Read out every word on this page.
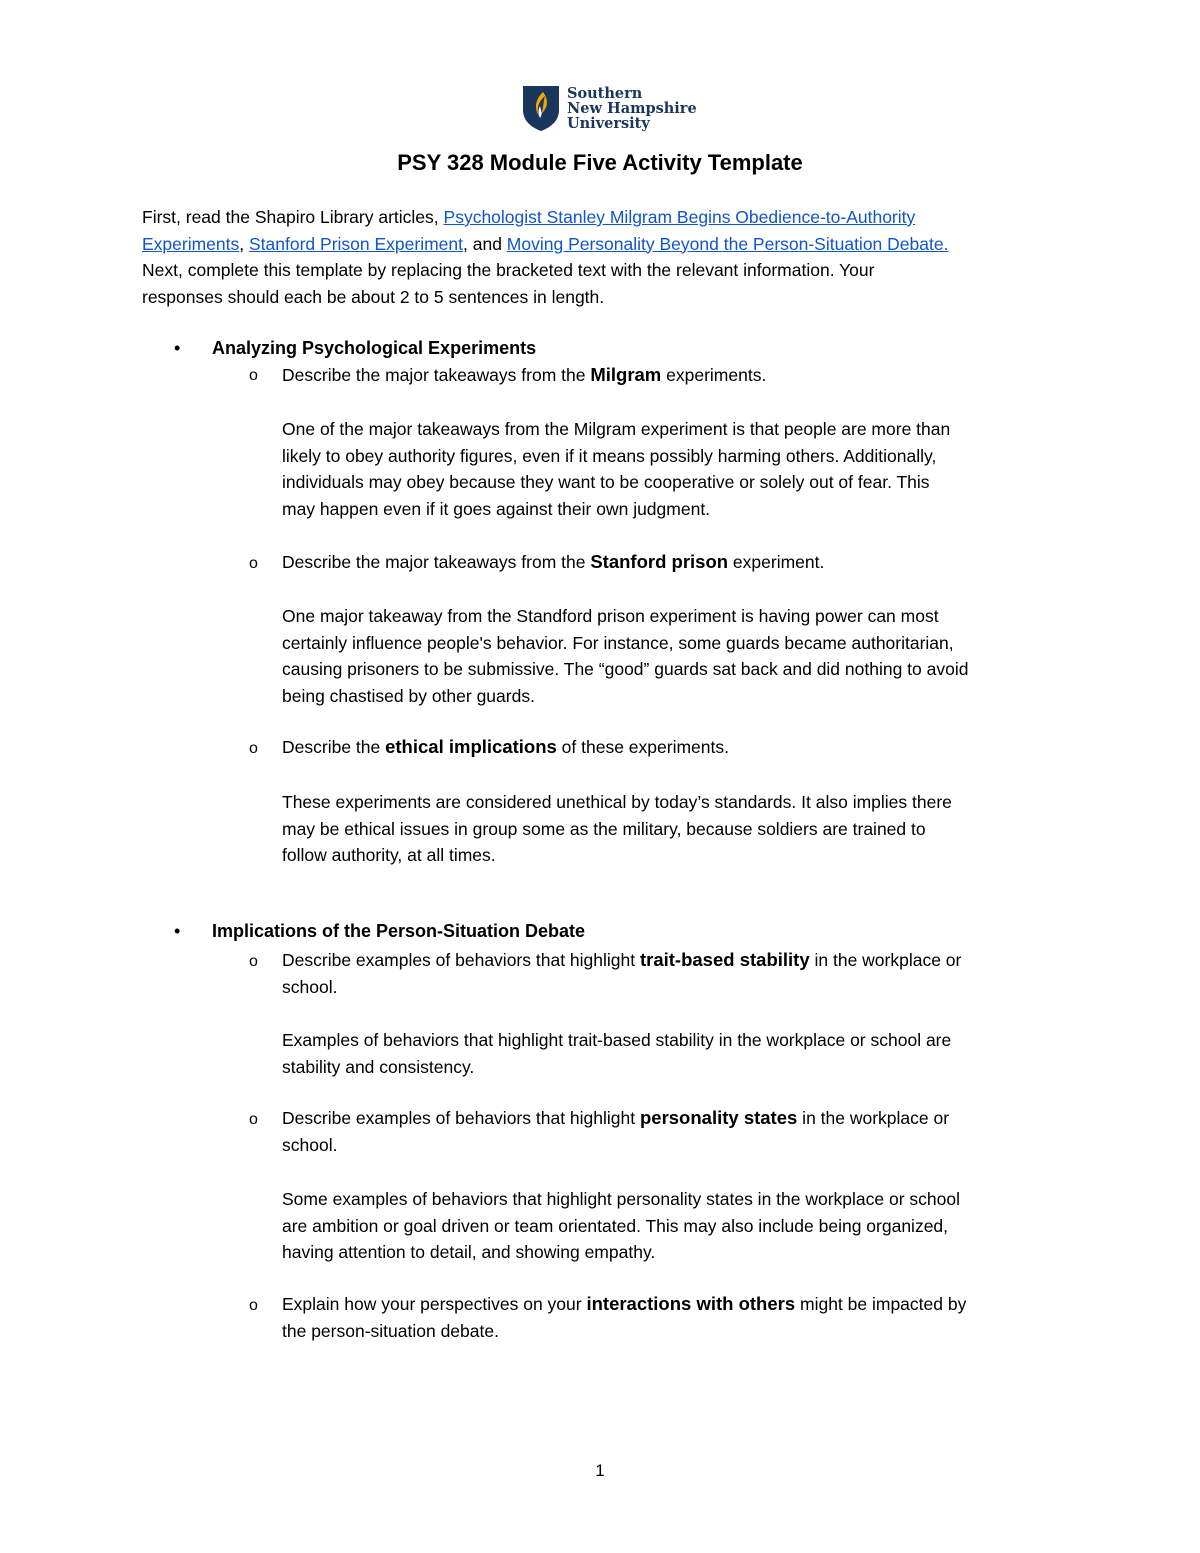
Southern
New Hampshire
University
PSY 328 Module Five Activity Template
First, read the Shapiro Library articles, Psychologist Stanley Milgram Begins Obedience-to-Authority
Experiments, Stanford Prison Experiment, and Moving Personality Beyond the Person-Situation Debate.
Next, complete this template by replacing the bracketed text with the relevant information. Your
responses should each be about 2 to 5 sentences in length.
• Analyzing Psychological Experiments
o Describe the major takeaways from the Milgram experiments.
One of the major takeaways from the Milgram experiment is that people are more than
likely to obey authority figures, even if it means possibly harming others. Additionally,
individuals may obey because they want to be cooperative or solely out of fear. This
may happen even if it goes against their own judgment.
o Describe the major takeaways from the Stanford prison experiment.
One major takeaway from the Standford prison experiment is having power can most
certainly influence people's behavior. For instance, some guards became authoritarian,
causing prisoners to be submissive. The “good” guards sat back and did nothing to avoid
being chastised by other guards.
o Describe the ethical implications of these experiments.
These experiments are considered unethical by today’s standards. It also implies there
may be ethical issues in group some as the military, because soldiers are trained to
follow authority, at all times.
• Implications of the Person-Situation Debate
o Describe examples of behaviors that highlight trait-based stability in the workplace or
school.
Examples of behaviors that highlight trait-based stability in the workplace or school are
stability and consistency.
o Describe examples of behaviors that highlight personality states in the workplace or
school.
Some examples of behaviors that highlight personality states in the workplace or school
are ambition or goal driven or team orientated. This may also include being organized,
having attention to detail, and showing empathy.
o Explain how your perspectives on your interactions with others might be impacted by
the person-situation debate.
1
